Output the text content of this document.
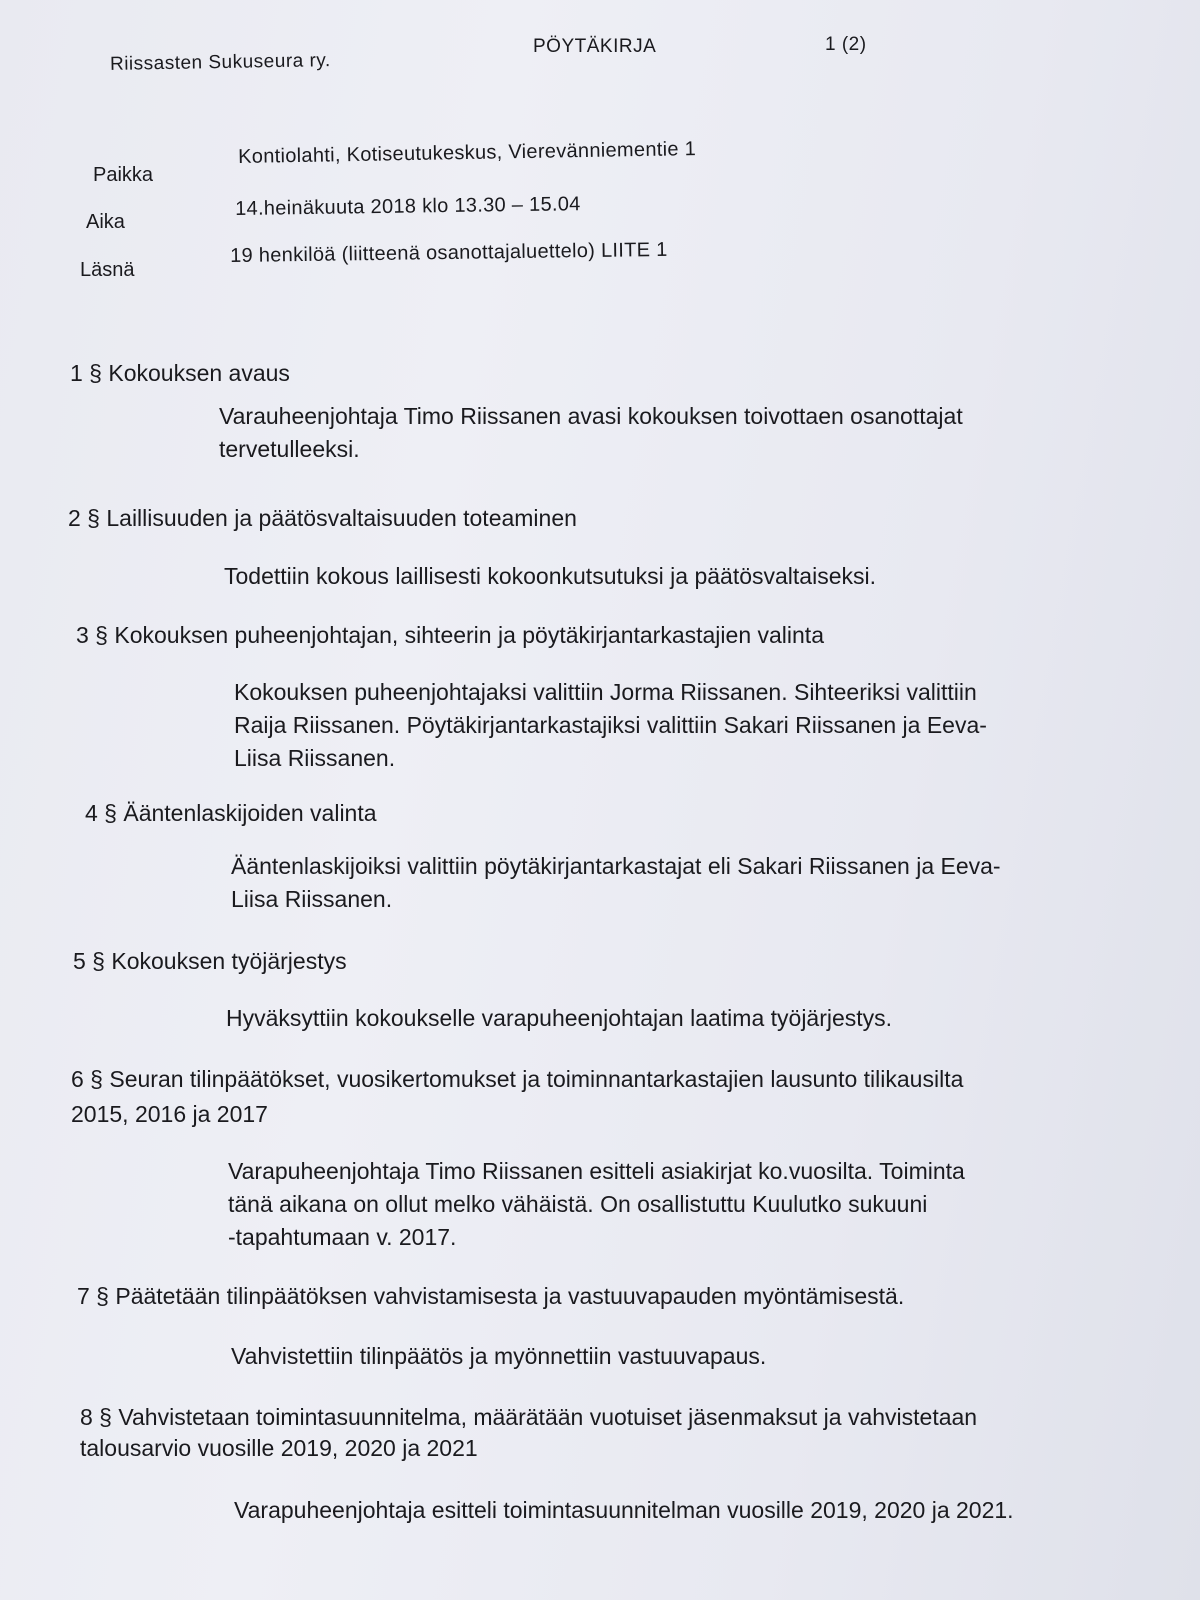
Riissasten Sukuseura ry.
PÖYTÄKIRJA	1 (2)
Paikka
Kontiolahti, Kotiseutukeskus, Vierevänniementie 1
Aika
14.heinäkuuta 2018 klo 13.30 – 15.04
Läsnä
19 henkilöä (liitteenä osanottajaluettelo) LIITE 1
1 § Kokouksen avaus
Varauheenjohtaja Timo Riissanen avasi kokouksen toivottaen osanottajat
tervetulleeksi.
2 § Laillisuuden ja päätösvaltaisuuden toteaminen
Todettiin kokous laillisesti kokoonkutsutuksi ja päätösvaltaiseksi.
3 § Kokouksen puheenjohtajan, sihteerin ja pöytäkirjantarkastajien valinta
Kokouksen puheenjohtajaksi valittiin Jorma Riissanen. Sihteeriksi valittiin
Raija Riissanen. Pöytäkirjantarkastajiksi valittiin Sakari Riissanen ja Eeva-
Liisa Riissanen.
4 § Ääntenlaskijoiden valinta
Ääntenlaskijoiksi valittiin pöytäkirjantarkastajat eli Sakari Riissanen ja Eeva-
Liisa Riissanen.
5 § Kokouksen työjärjestys
Hyväksyttiin kokoukselle varapuheenjohtajan laatima työjärjestys.
6 § Seuran tilinpäätökset, vuosikertomukset ja toiminnantarkastajien lausunto tilikausilta
2015, 2016 ja 2017
Varapuheenjohtaja Timo Riissanen esitteli asiakirjat ko.vuosilta. Toiminta
tänä aikana on ollut melko vähäistä. On osallistuttu Kuulutko sukuuni
-tapahtumaan v. 2017.
7 § Päätetään tilinpäätöksen vahvistamisesta ja vastuuvapauden myöntämisestä.
Vahvistettiin tilinpäätös ja myönnettiin vastuuvapaus.
8 § Vahvistetaan toimintasuunnitelma, määrätään vuotuiset jäsenmaksut ja vahvistetaan
talousarvio vuosille 2019, 2020 ja 2021
Varapuheenjohtaja esitteli toimintasuunnitelman vuosille 2019, 2020 ja 2021.
